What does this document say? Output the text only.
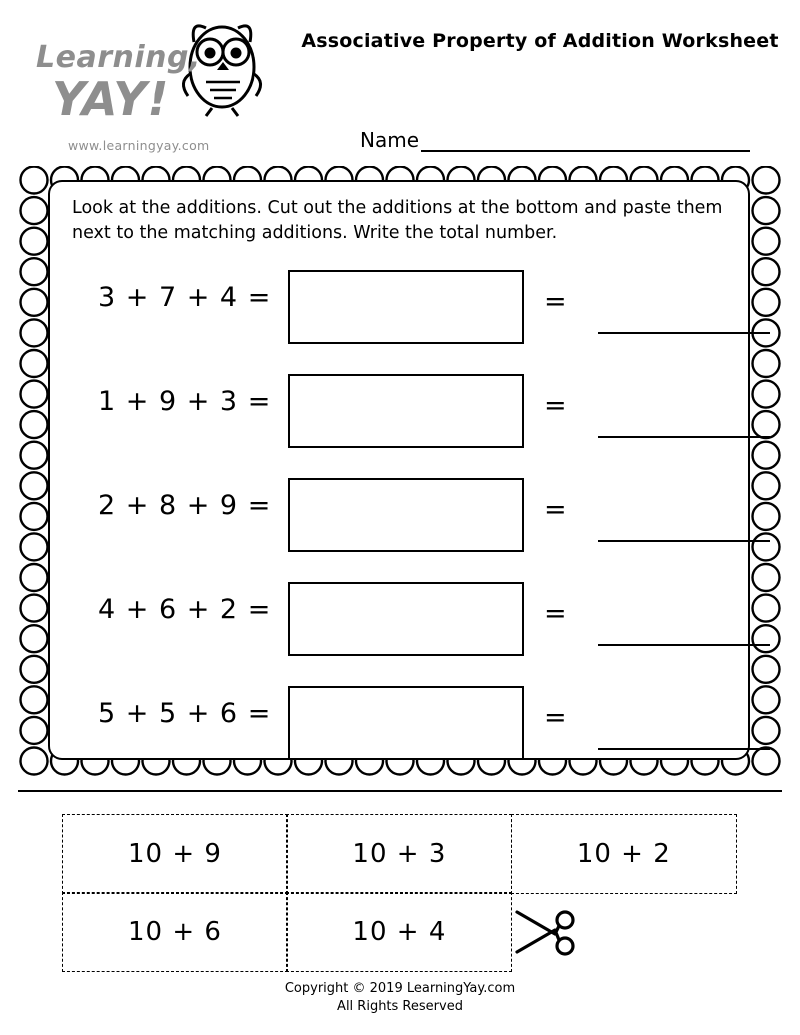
Learning,
YAY!
www.learningyay.com
Associative Property of Addition Worksheet
Name
Look at the additions. Cut out the additions at the bottom and paste them next to the matching additions. Write the total number.
3 + 7 + 4 =	=
1 + 9 + 3 =	=
2 + 8 + 9 =	=
4 + 6 + 2 =	=
5 + 5 + 6 =	=
10 + 9	10 + 3	10 + 2
10 + 6	10 + 4
Copyright © 2019 LearningYay.com
All Rights Reserved
